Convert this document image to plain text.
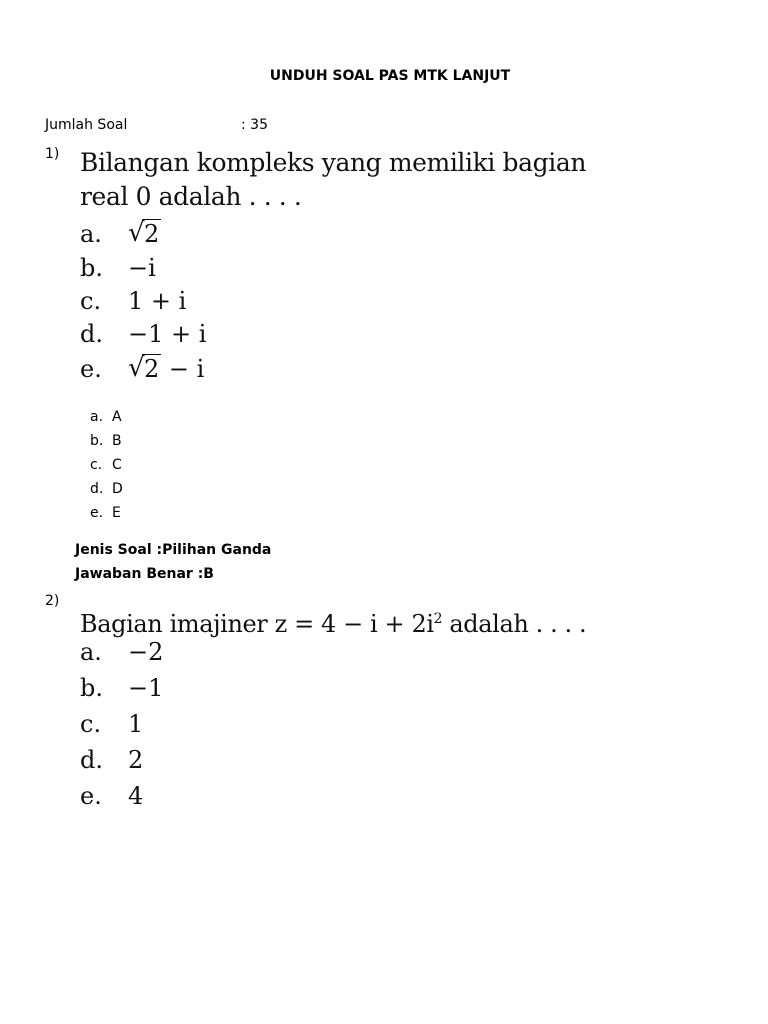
UNDUH SOAL PAS MTK LANJUT
Jumlah Soal	: 35
1) Bilangan kompleks yang memiliki bagian
real 0 adalah . . . .
a.	√ 2
b.	−i
c.	1 + i
d.	−1 + i
e.	√ 2 − i
a. A
b. B
c. C
d. D
e. E
Jenis Soal :Pilihan Ganda
Jawaban Benar :B
2)
Bagian imajiner $z = 4 - i + 2i^2$ adalah . . . .
a.	−2
b.	−1
c.	1
d.	2
e.	4
